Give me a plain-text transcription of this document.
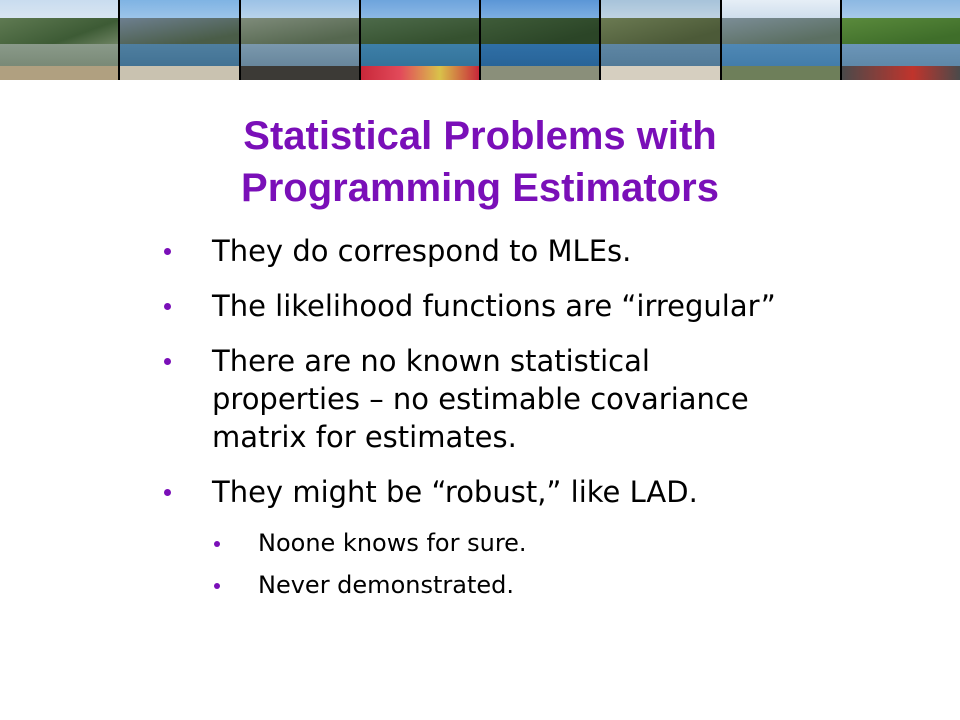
Statistical Problems with
Programming Estimators
They do correspond to MLEs.
The likelihood functions are “irregular”
There are no known statistical
properties – no estimable covariance
matrix for estimates.
They might be “robust,” like LAD.
Noone knows for sure.
Never demonstrated.
